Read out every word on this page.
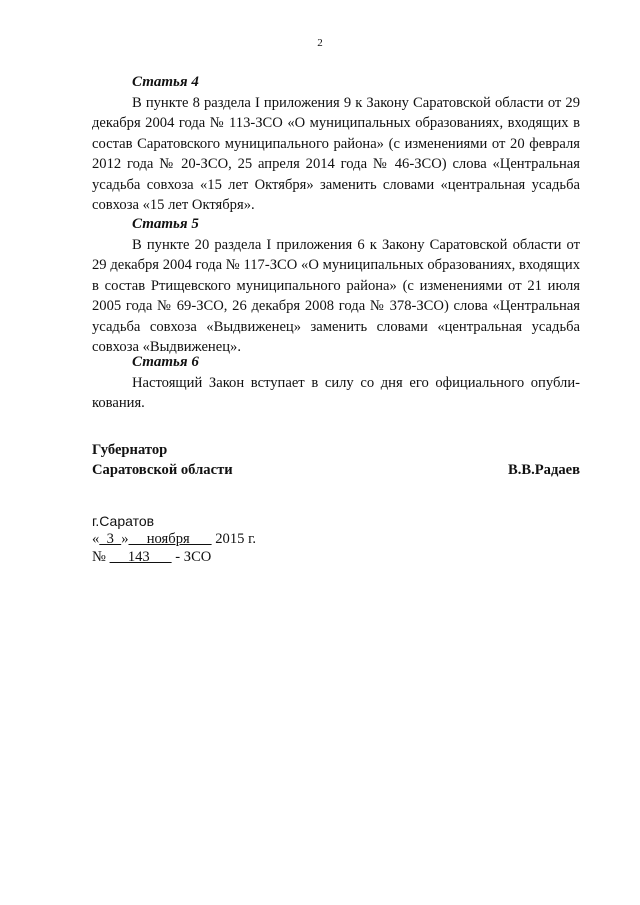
2

Статья 4

В пункте 8 раздела I приложения 9 к Закону Саратовской области от 29 декабря 2004 года № 113-ЗСО «О муниципальных образованиях, входящих в состав Саратовского муниципального района» (с изменениями от 20 февраля 2012 года № 20-ЗСО, 25 апреля 2014 года № 46-ЗСО) слова «Центральная усадьба совхоза «15 лет Октября» заменить словами «центральная усадьба совхоза «15 лет Октября».

Статья 5

В пункте 20 раздела I приложения 6 к Закону Саратовской области от 29 декабря 2004 года № 117-ЗСО «О муниципальных образованиях, входящих в состав Ртищевского муниципального района» (с изменениями от 21 июля 2005 года № 69-ЗСО, 26 декабря 2008 года № 378-ЗСО) слова «Центральная усадьба совхоза «Выдвиженец» заменить словами «центральная усадьба совхоза «Выдвиженец».

Статья 6

Настоящий Закон вступает в силу со дня его официального опубликования.

Губернатор
Саратовской области	В.В.Радаев
г.Саратов
«  3  »     ноября       2015 г.
№      143       - ЗСО
